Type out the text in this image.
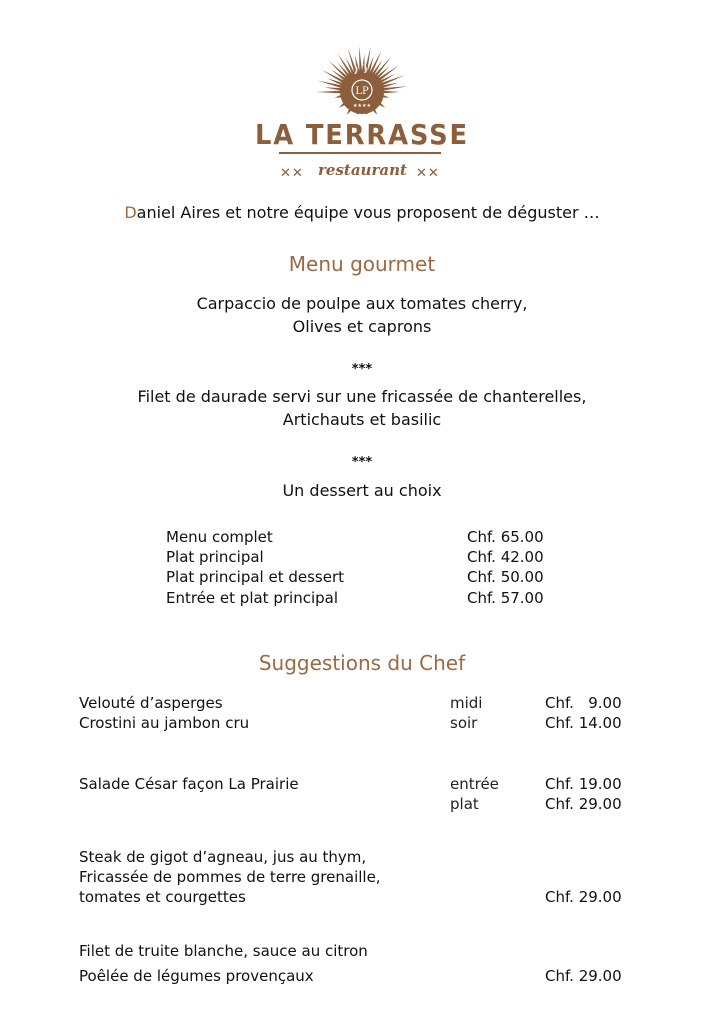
LP
★★★★
LA TERRASSE
✕✕ restaurant ✕✕
Daniel Aires et notre équipe vous proposent de déguster …
Menu gourmet
Carpaccio de poulpe aux tomates cherry,
Olives et caprons
***
Filet de daurade servi sur une fricassée de chanterelles,
Artichauts et basilic
***
Un dessert au choix
Menu complet	Chf. 65.00
Plat principal	Chf. 42.00
Plat principal et dessert	Chf. 50.00
Entrée et plat principal	Chf. 57.00
Suggestions du Chef
Velouté d’asperges	midi	Chf.   9.00
Crostini au jambon cru	soir	Chf. 14.00
Salade César façon La Prairie	entrée	Chf. 19.00
plat	Chf. 29.00
Steak de gigot d’agneau, jus au thym,
Fricassée de pommes de terre grenaille,
tomates et courgettes	Chf. 29.00
Filet de truite blanche, sauce au citron
Poêlée de légumes provençaux	Chf. 29.00
